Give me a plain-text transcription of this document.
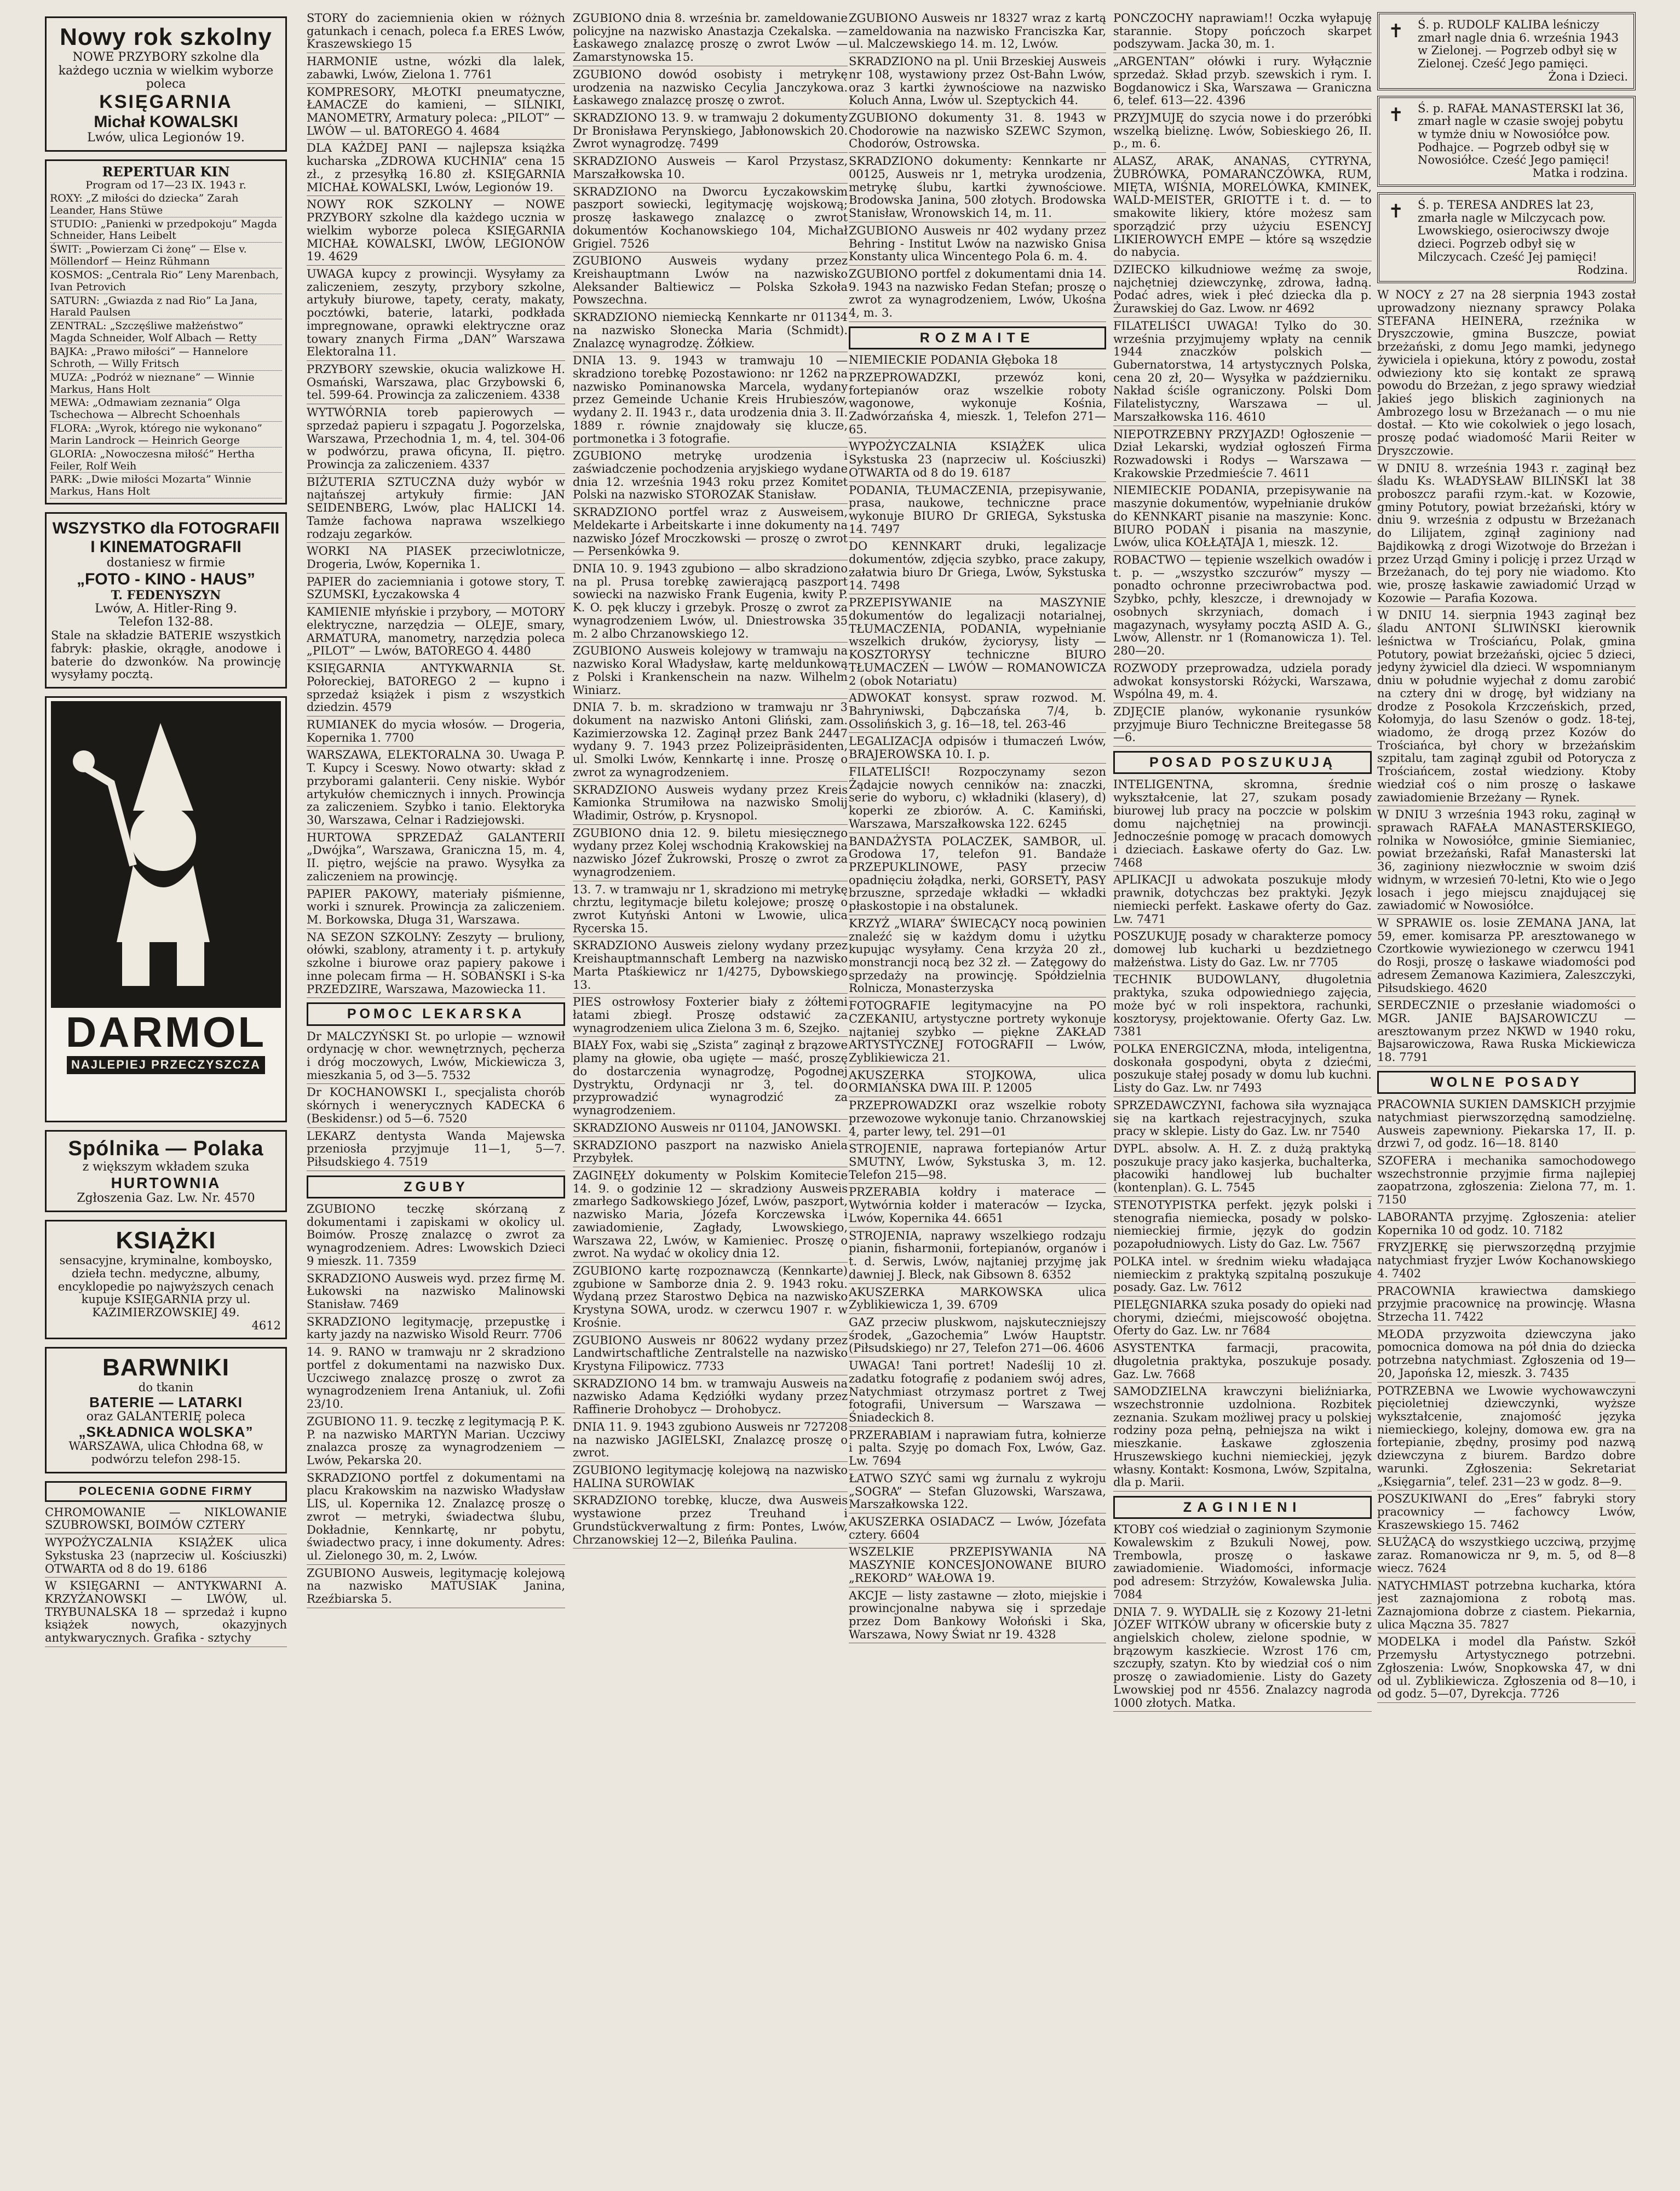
Nowy rok szkolny
NOWE PRZYBORY szkolne dla każdego ucznia w wielkim wyborze poleca
KSIĘGARNIA
Michał KOWALSKI
Lwów, ulica Legionów 19.
REPERTUAR KIN
Program od 17—23 IX. 1943 r.
ROXY: „Z miłości do dziecka” Zarah Leander, Hans Stüwe
STUDIO: „Panienki w przedpokoju” Magda Schneider, Hans Leibelt
ŚWIT: „Powierzam Ci żonę” — Else v. Möllendorf — Heinz Rühmann
KOSMOS: „Centrala Rio” Leny Marenbach, Ivan Petrovich
SATURN: „Gwiazda z nad Rio” La Jana, Harald Paulsen
ZENTRAL: „Szczęśliwe małżeństwo” Magda Schneider, Wolf Albach — Retty
BAJKA: „Prawo miłości” — Hannelore Schroth, — Willy Fritsch
MUZA: „Podróż w nieznane” — Winnie Markus, Hans Holt
MEWA: „Odmawiam zeznania” Olga Tschechowa — Albrecht Schoenhals
FLORA: „Wyrok, którego nie wykonano” Marin Landrock — Heinrich George
GLORIA: „Nowoczesna miłość” Hertha Feiler, Rolf Weih
PARK: „Dwie miłości Mozarta” Winnie Markus, Hans Holt
WSZYSTKO dla FOTOGRAFII I KINEMATOGRAFII
dostaniesz w firmie
„FOTO - KINO - HAUS”
T. FEDENYSZYN
Lwów, A. Hitler-Ring 9.
Telefon 132-88.
Stale na składzie BATERIE wszystkich fabryk: płaskie, okrągłe, anodowe i baterie do dzwonków. Na prowincję wysyłamy pocztą.
DARMOL
NAJLEPIEJ PRZECZYSZCZA
Spólnika — Polaka
z większym wkładem szuka
HURTOWNIA
Zgłoszenia Gaz. Lw. Nr. 4570
KSIĄŻKI
sensacyjne, kryminalne, komboysko, dzieła techn. medyczne, albumy, encyklopedie po najwyższych cenach kupuje KSIĘGARNIA przy ul. KAZIMIERZOWSKIEJ 49.
4612
BARWNIKI
do tkanin
BATERIE — LATARKI
oraz GALANTERIĘ poleca
„SKŁADNICA WOLSKA”
WARSZAWA, ulica Chłodna 68, w podwórzu telefon 298-15.
POLECENIA GODNE FIRMY
CHROMOWANIE — NIKLOWANIE SZUBROWSKI, BOIMÓW CZTERY
WYPOŻYCZALNIA KSIĄŻEK ulica Sykstuska 23 (naprzeciw ul. Kościuszki) OTWARTA od 8 do 19. 6186
W KSIĘGARNI — ANTYKWARNI A. KRZYŻANOWSKI — LWÓW, ul. TRYBUNALSKA 18 — sprzedaż i kupno książek nowych, okazyjnych antykwarycznych. Grafika - sztychy
STORY do zaciemnienia okien w różnych gatunkach i cenach, poleca f.a ERES Lwów, Kraszewskiego 15
HARMONIE ustne, wózki dla lalek, zabawki, Lwów, Zielona 1. 7761
KOMPRESORY, MŁOTKI pneumatyczne, ŁAMACZE do kamieni, — SILNIKI, MANOMETRY, Armatury poleca: „PILOT” — LWÓW — ul. BATOREGO 4. 4684
DLA KAŻDEJ PANI — najlepsza książka kucharska „ZDROWA KUCHNIA” cena 15 zł., z przesyłką 16.80 zł. KSIĘGARNIA MICHAŁ KOWALSKI, Lwów, Legionów 19.
NOWY ROK SZKOLNY — NOWE PRZYBORY szkolne dla każdego ucznia w wielkim wyborze poleca KSIĘGARNIA MICHAŁ KOWALSKI, LWÓW, LEGIONÓW 19. 4629
UWAGA kupcy z prowincji. Wysyłamy za zaliczeniem, zeszyty, przybory szkolne, artykuły biurowe, tapety, ceraty, makaty, pocztówki, baterie, latarki, podkłada impregnowane, oprawki elektryczne oraz towary znanych Firma „DAN” Warszawa Elektoralna 11.
PRZYBORY szewskie, okucia walizkowe H. Osmański, Warszawa, plac Grzybowski 6, tel. 599-64. Prowincja za zaliczeniem. 4338
WYTWÓRNIA toreb papierowych — sprzedaż papieru i szpagatu J. Pogorzelska, Warszawa, Przechodnia 1, m. 4, tel. 304-06 w podwórzu, prawa oficyna, II. piętro. Prowincja za zaliczeniem. 4337
BIŻUTERIA SZTUCZNA duży wybór w najtańszej artykuły firmie: JAN SEIDENBERG, Lwów, plac HALICKI 14. Tamże fachowa naprawa wszelkiego rodzaju zegarków.
WORKI NA PIASEK przeciwlotnicze, Drogeria, Lwów, Kopernika 1.
PAPIER do zaciemniania i gotowe story, T. SZUMSKI, Łyczakowska 4
KAMIENIE młyńskie i przybory, — MOTORY elektryczne, narzędzia — OLEJE, smary, ARMATURA, manometry, narzędzia poleca „PILOT” — Lwów, BATOREGO 4. 4480
KSIĘGARNIA ANTYKWARNIA St. Połoreckiej, BATOREGO 2 — kupno i sprzedaż książek i pism z wszystkich dziedzin. 4579
RUMIANEK do mycia włosów. — Drogeria, Kopernika 1. 7700
WARSZAWA, ELEKTORALNA 30. Uwaga P. T. Kupcy i Sceswy. Nowo otwarty: skład z przyborami galanterii. Ceny niskie. Wybór artykułów chemicznych i innych. Prowincja za zaliczeniem. Szybko i tanio. Elektoryka 30, Warszawa, Celnar i Radziejowski.
HURTOWA SPRZEDAŻ GALANTERII „Dwójka”, Warszawa, Graniczna 15, m. 4, II. piętro, wejście na prawo. Wysyłka za zaliczeniem na prowincję.
PAPIER PAKOWY, materiały piśmienne, worki i sznurek. Prowincja za zaliczeniem. M. Borkowska, Długa 31, Warszawa.
NA SEZON SZKOLNY: Zeszyty — bruliony, ołówki, szablony, atramenty i t. p. artykuły szkolne i biurowe oraz papiery pakowe i inne polecam firma — H. SOBAŃSKI i S-ka PRZEDZIRE, Warszawa, Mazowiecka 11.
POMOC LEKARSKA
Dr MALCZYŃSKI St. po urlopie — wznowił ordynację w chor. wewnętrznych, pęcherza i dróg moczowych, Lwów, Mickiewicza 3, mieszkania 5, od 3—5. 7532
Dr KOCHANOWSKI I., specjalista chorób skórnych i wenerycznych KADECKA 6 (Beskidensr.) od 5—6. 7520
LEKARZ dentysta Wanda Majewska przeniosła przyjmuje 11—1, 5—7. Piłsudskiego 4. 7519
ZGUBY
ZGUBIONO teczkę skórzaną z dokumentami i zapiskami w okolicy ul. Boimów. Proszę znalazcę o zwrot za wynagrodzeniem. Adres: Lwowskich Dzieci 9 mieszk. 11. 7359
SKRADZIONO Ausweis wyd. przez firmę M. Łukowski na nazwisko Malinowski Stanisław. 7469
SKRADZIONO legitymację, przepustkę i karty jazdy na nazwisko Wisold Reurr. 7706
14. 9. RANO w tramwaju nr 2 skradziono portfel z dokumentami na nazwisko Dux. Uczciwego znalazcę proszę o zwrot za wynagrodzeniem Irena Antaniuk, ul. Zofii 23/10.
ZGUBIONO 11. 9. teczkę z legitymacją P. K. P. na nazwisko MARTYN Marian. Uczciwy znalazca proszę za wynagrodzeniem — Lwów, Pekarska 20.
SKRADZIONO portfel z dokumentami na placu Krakowskim na nazwisko Władysław LIS, ul. Kopernika 12. Znalazcę proszę o zwrot — metryki, świadectwa ślubu, Dokładnie, Kennkartę, nr pobytu, świadectwo pracy, i inne dokumenty. Adres: ul. Zielonego 30, m. 2, Lwów.
ZGUBIONO Ausweis, legitymację kolejową na nazwisko MATUSIAK Janina, Rzeźbiarska 5.
ZGUBIONO dnia 8. września br. zameldowanie policyjne na nazwisko Anastazja Czekalska. — Łaskawego znalazcę proszę o zwrot Lwów — Zamarstynowska 15.
ZGUBIONO dowód osobisty i metrykę urodzenia na nazwisko Cecylia Janczykowa. Łaskawego znalazcę proszę o zwrot.
SKRADZIONO 13. 9. w tramwaju 2 dokumenty Dr Bronisława Perynskiego, Jabłonowskich 20. Zwrot wynagrodzę. 7499
SKRADZIONO Ausweis — Karol Przystasz, Marszałkowska 10.
SKRADZIONO na Dworcu Łyczakowskim paszport sowiecki, legitymację wojskową; proszę łaskawego znalazcę o zwrot dokumentów Kochanowskiego 104, Michał Grigiel. 7526
ZGUBIONO Ausweis wydany przez Kreishauptmann Lwów na nazwisko Aleksander Baltiewicz — Polska Szkoła Powszechna.
SKRADZIONO niemiecką Kennkarte nr 01134 na nazwisko Słonecka Maria (Schmidt). Znalazcę wynagrodzę. Żółkiew.
DNIA 13. 9. 1943 w tramwaju 10 — skradziono torebkę Pozostawiono: nr 1262 na nazwisko Pominanowska Marcela, wydany przez Gemeinde Uchanie Kreis Hrubieszów, wydany 2. II. 1943 r., data urodzenia dnia 3. II. 1889 r. równie znajdowały się klucze, portmonetka i 3 fotografie.
ZGUBIONO metrykę urodzenia i zaświadczenie pochodzenia aryjskiego wydane dnia 12. września 1943 roku przez Komitet Polski na nazwisko STOROZAK Stanisław.
SKRADZIONO portfel wraz z Ausweisem, Meldekarte i Arbeitskarte i inne dokumenty na nazwisko Józef Mroczkowski — proszę o zwrot — Persenkówka 9.
DNIA 10. 9. 1943 zgubiono — albo skradziono na pl. Prusa torebkę zawierającą paszport sowiecki na nazwisko Frank Eugenia, kwity P. K. O. pęk kluczy i grzebyk. Proszę o zwrot za wynagrodzeniem Lwów, ul. Dniestrowska 35 m. 2 albo Chrzanowskiego 12.
ZGUBIONO Ausweis kolejowy w tramwaju na nazwisko Koral Władysław, kartę meldunkową z Polski i Krankenschein na nazw. Wilhelm Winiarz.
DNIA 7. b. m. skradziono w tramwaju nr 3 dokument na nazwisko Antoni Gliński, zam. Kazimierzowska 12. Zaginął przez Bank 2447 wydany 9. 7. 1943 przez Polizeipräsidenten, ul. Smolki Lwów, Kennkartę i inne. Proszę o zwrot za wynagrodzeniem.
SKRADZIONO Ausweis wydany przez Kreis Kamionka Strumiłowa na nazwisko Smolij Władimir, Ostrów, p. Krysnopol.
ZGUBIONO dnia 12. 9. biletu miesięcznego wydany przez Kolej wschodnią Krakowskiej na nazwisko Józef Żukrowski, Proszę o zwrot za wynagrodzeniem.
13. 7. w tramwaju nr 1, skradziono mi metrykę chrztu, legitymacje biletu kolejowe; proszę o zwrot Kutyński Antoni w Lwowie, ulica Rycerska 15.
SKRADZIONO Ausweis zielony wydany przez Kreishauptmannschaft Lemberg na nazwisko Marta Ptaśkiewicz nr 1/4275, Dybowskiego 13.
PIES ostrowłosy Foxterier biały z żółtemi łatami zbiegł. Proszę odstawić za wynagrodzeniem ulica Zielona 3 m. 6, Szejko.
BIAŁY Fox, wabi się „Szista” zaginął z brązowe plamy na głowie, oba ugięte — maść, proszę do dostarczenia wynagrodzę, Pogodnej Dystryktu, Ordynacji nr 3, tel. do przyprowadzić wynagrodzić za wynagrodzeniem.
SKRADZIONO Ausweis nr 01104, JANOWSKI.
SKRADZIONO paszport na nazwisko Aniela Przybyłek.
ZAGINĘŁY dokumenty w Polskim Komitecie 14. 9. o godzinie 12 — skradziony Ausweis zmarłego Sadkowskiego Józef, Lwów, paszport, nazwisko Maria, Józefa Korczewska i zawiadomienie, Zagłady, Lwowskiego, Warszawa 22, Lwów, w Kamieniec. Proszę o zwrot. Na wydać w okolicy dnia 12.
ZGUBIONO kartę rozpoznawczą (Kennkarte) zgubione w Samborze dnia 2. 9. 1943 roku. Wydaną przez Starostwo Dębica na nazwisko Krystyna SOWA, urodz. w czerwcu 1907 r. w Krośnie.
ZGUBIONO Ausweis nr 80622 wydany przez Landwirtschaftliche Zentralstelle na nazwisko Krystyna Filipowicz. 7733
SKRADZIONO 14 bm. w tramwaju Ausweis na nazwisko Adama Kędziółki wydany przez Raffinerie Drohobycz — Drohobycz.
DNIA 11. 9. 1943 zgubiono Ausweis nr 727208 na nazwisko JAGIELSKI, Znalazcę proszę o zwrot.
ZGUBIONO legitymację kolejową na nazwisko HALINA SUROWIAK
SKRADZIONO torebkę, klucze, dwa Ausweis wystawione przez Treuhand i Grundstückverwaltung z firm: Pontes, Lwów, Chrzanowskiej 12—2, Bileńka Paulina.
ZGUBIONO Ausweis nr 18327 wraz z kartą zameldowania na nazwisko Franciszka Kar, ul. Malczewskiego 14. m. 12, Lwów.
SKRADZIONO na pl. Unii Brzeskiej Ausweis nr 108, wystawiony przez Ost-Bahn Lwów, oraz 3 kartki żywnościowe na nazwisko Koluch Anna, Lwów ul. Szeptyckich 44.
ZGUBIONO dokumenty 31. 8. 1943 w Chodorowie na nazwisko SZEWC Szymon, Chodorów, Ostrowska.
SKRADZIONO dokumenty: Kennkarte nr 00125, Ausweis nr 1, metryka urodzenia, metrykę ślubu, kartki żywnościowe. Brodowska Janina, 500 złotych. Brodowska Stanisław, Wronowskich 14, m. 11.
ZGUBIONO Ausweis nr 402 wydany przez Behring - Institut Lwów na nazwisko Gnisa Konstanty ulica Wincentego Pola 6. m. 4.
ZGUBIONO portfel z dokumentami dnia 14. 9. 1943 na nazwisko Fedan Stefan; proszę o zwrot za wynagrodzeniem, Lwów, Ukośna 4, m. 3.
ROZMAITE
NIEMIECKIE PODANIA Głęboka 18
PRZEPROWADZKI, przewóz koni, fortepianów oraz wszelkie roboty wagonowe, wykonuje Kośnia, Zadwórzańska 4, mieszk. 1, Telefon 271—65.
WYPOŻYCZALNIA KSIĄŻEK ulica Sykstuska 23 (naprzeciw ul. Kościuszki) OTWARTA od 8 do 19. 6187
PODANIA, TŁUMACZENIA, przepisywanie, prasa, naukowe, techniczne prace wykonuje BIURO Dr GRIEGA, Sykstuska 14. 7497
DO KENNKART druki, legalizacje dokumentów, zdjęcia szybko, prace zakupy, załatwia biuro Dr Griega, Lwów, Sykstuska 14. 7498
PRZEPISYWANIE na MASZYNIE dokumentów do legalizacji notarialnej, TŁUMACZENIA, PODANIA, wypełnianie wszelkich druków, życiorysy, listy — KOSZTORYSY techniczne BIURO TŁUMACZEŃ — LWÓW — ROMANOWICZA 2 (obok Notariatu)
ADWOKAT konsyst. spraw rozwod. M. Bahryniwski, Dąbczańska 7/4, b. Ossolińskich 3, g. 16—18, tel. 263-46
LEGALIZACJA odpisów i tłumaczeń Lwów, BRAJEROWSKA 10. I. p.
FILATELIŚCI! Rozpoczynamy sezon Żądajcie nowych cenników na: znaczki, serie do wyboru, c) wkładniki (klasery), d) koperki ze zbiorów. A. C. Kamiński, Warszawa, Marszałkowska 122. 6245
BANDAŻYSTA POLACZEK, SAMBOR, ul. Grodowa 17, telefon 91. Bandaże PRZEPUKLINOWE, PASY przeciw opadnięciu żołądka, nerki, GORSETY, PASY brzuszne, sprzedaje wkładki — wkładki płaskostopie i na obstalunek.
KRZYŻ „WIARA” ŚWIECĄCY nocą powinien znaleźć się w każdym domu i użytku kupując wysyłamy. Cena krzyża 20 zł., monstrancji nocą bez 32 zł. — Zatęgowy do sprzedaży na prowincję. Spółdzielnia Rolnicza, Monasterzyska
FOTOGRAFIE legitymacyjne na PO CZEKANIU, artystyczne portrety wykonuje najtaniej szybko — piękne ZAKŁAD ARTYSTYCZNEJ FOTOGRAFII — Lwów, Zyblikiewicza 21.
AKUSZERKA STOJKOWA, ulica ORMIAŃSKA DWA III. P. 12005
PRZEPROWADZKI oraz wszelkie roboty przewozowe wykonuje tanio. Chrzanowskiej 4, parter lewy, tel. 291—01
STROJENIE, naprawa fortepianów Artur SMUTNY, Lwów, Sykstuska 3, m. 12. Telefon 215—98.
PRZERABIA kołdry i materace — Wytwórnia kołder i materaców — Izycka, Lwów, Kopernika 44. 6651
STROJENIA, naprawy wszelkiego rodzaju pianin, fisharmonii, fortepianów, organów i t. d. Serwis, Lwów, najtaniej przyjmę jak dawniej J. Bleck, nak Gibsown 8. 6352
AKUSZERKA MARKOWSKA ulica Zyblikiewicza 1, 39. 6709
GAZ przeciw pluskwom, najskuteczniejszy środek, „Gazochemia” Lwów Hauptstr. (Piłsudskiego) nr 27, Telefon 271—06. 4606
UWAGA! Tani portret! Nadeślij 10 zł. zadatku fotografię z podaniem swój adres, Natychmiast otrzymasz portret z Twej fotografii, Universum — Warszawa — Śniadeckich 8.
PRZERABIAM i naprawiam futra, kołnierze i palta. Szyję po domach Fox, Lwów, Gaz. Lw. 7694
ŁATWO SZYĆ sami wg żurnalu z wykroju „SOGRA” — Stefan Gluzowski, Warszawa, Marszałkowska 122.
AKUSZERKA OSIADACZ — Lwów, Józefata cztery. 6604
WSZELKIE PRZEPISYWANIA NA MASZYNIE KONCESJONOWANE BIURO „REKORD” WAŁOWA 19.
AKCJE — listy zastawne — złoto, miejskie i prowincjonalne nabywa się i sprzedaje przez Dom Bankowy Wołoński i Ska, Warszawa, Nowy Świat nr 19. 4328
POŃCZOCHY naprawiam!! Oczka wyłapuję starannie. Stopy pończoch skarpet podszywam. Jacka 30, m. 1.
„ARGENTAN” ołówki i rury. Wyłącznie sprzedaż. Skład przyb. szewskich i rym. I. Bogdanowicz i Ska, Warszawa — Graniczna 6, telef. 613—22. 4396
PRZYJMUJĘ do szycia nowe i do przeróbki wszelką bieliznę. Lwów, Sobieskiego 26, II. p., m. 6.
ALASZ, ARAK, ANANAS, CYTRYNA, ŻUBRÓWKA, POMARAŃCZÓWKA, RUM, MIĘTA, WIŚNIA, MORELÓWKA, KMINEK, WALD-MEISTER, GRIOTTE i t. d. — to smakowite likiery, które możesz sam sporządzić przy użyciu ESENCYJ LIKIEROWYCH EMPE — które są wszędzie do nabycia.
DZIECKO kilkudniowe weźmę za swoje, najchętniej dziewczynkę, zdrowa, ładną. Podać adres, wiek i płeć dziecka dla p. Żurawskiej do Gaz. Lwow. nr 4692
FILATELIŚCI UWAGA! Tylko do 30. września przyjmujemy wpłaty na cennik 1944 znaczków polskich — Gubernatorstwa, 14 artystycznych Polska, cena 20 zł, 20— Wysyłka w październiku. Nakład ściśle ograniczony. Polski Dom Filatelistyczny, Warszawa — ul. Marszałkowska 116. 4610
NIEPOTRZEBNY PRZYJAZD! Ogłoszenie — Dział Lekarski, wydział ogłoszeń Firma Rozwadowski i Rodys — Warszawa — Krakowskie Przedmieście 7. 4611
NIEMIECKIE PODANIA, przepisywanie na maszynie dokumentów, wypełnianie druków do KENNKART pisanie na maszynie: Konc. BIURO PODAŃ i pisania na maszynie, Lwów, ulica KOŁŁĄTAJA 1, mieszk. 12.
ROBACTWO — tępienie wszelkich owadów i t. p. — „wszystko szczurów” myszy — ponadto ochronne przeciwrobactwa pod. Szybko, pchły, kleszcze, i drewnojady w osobnych skrzyniach, domach i magazynach, wysyłamy pocztą ASID A. G., Lwów, Allenstr. nr 1 (Romanowicza 1). Tel. 280—20.
ROZWODY przeprowadza, udziela porady adwokat konsystorski Różycki, Warszawa, Wspólna 49, m. 4.
ZDJĘCIE planów, wykonanie rysunków przyjmuje Biuro Techniczne Breitegasse 58—6.
POSAD POSZUKUJĄ
INTELIGENTNA, skromna, średnie wykształcenie, lat 27, szukam posady biurowej lub pracy na poczcie w polskim domu najchętniej na prowincji. Jednocześnie pomogę w pracach domowych i dzieciach. Łaskawe oferty do Gaz. Lw. 7468
APLIKACJI u adwokata poszukuje młody prawnik, dotychczas bez praktyki. Język niemiecki perfekt. Łaskawe oferty do Gaz. Lw. 7471
POSZUKUJĘ posady w charakterze pomocy domowej lub kucharki u bezdzietnego małżeństwa. Listy do Gaz. Lw. nr 7705
TECHNIK BUDOWLANY, długoletnia praktyka, szuka odpowiedniego zajęcia, może być w roli inspektora, rachunki, kosztorysy, projektowanie. Oferty Gaz. Lw. 7381
POLKA ENERGICZNA, młoda, inteligentna, doskonała gospodyni, obyta z dziećmi, poszukuje stałej posady w domu lub kuchni. Listy do Gaz. Lw. nr 7493
SPRZEDAWCZYNI, fachowa siła wyznająca się na kartkach rejestracyjnych, szuka pracy w sklepie. Listy do Gaz. Lw. nr 7540
DYPL. absolw. A. H. Z. z dużą praktyką poszukuje pracy jako kasjerka, buchalterka, płacowiki handlowej lub buchalter (kontenplan). G. L. 7545
STENOTYPISTKA perfekt. język polski i stenografia niemiecka, posady w polsko-niemieckiej firmie, język do godzin pozapołudniowych. Listy do Gaz. Lw. 7567
POLKA intel. w średnim wieku władająca niemieckim z praktyką szpitalną poszukuje posady. Gaz. Lw. 7612
PIELĘGNIARKA szuka posady do opieki nad chorymi, dziećmi, miejscowość obojętna. Oferty do Gaz. Lw. nr 7684
ASYSTENTKA farmacji, pracowita, długoletnia praktyka, poszukuje posady. Gaz. Lw. 7668
SAMODZIELNA krawczyni bieliźniarka, wszechstronnie uzdolniona. Rozbitek zeznania. Szukam możliwej pracy u polskiej rodziny poza pełną, pełniejsza na wikt i mieszkanie. Łaskawe zgłoszenia Hruszewskiego kuchni niemieckiej, język własny. Kontakt: Kosmona, Lwów, Szpitalna, dla p. Marii.
ZAGINIENI
KTOBY coś wiedział o zaginionym Szymonie Kowalewskim z Bzukuli Nowej, pow. Trembowla, proszę o łaskawe zawiadomienie. Wiadomości, informacje pod adresem: Strzyżów, Kowalewska Julia. 7084
DNIA 7. 9. WYDALIŁ się z Kozowy 21-letni JÓZEF WITKÓW ubrany w oficerskie buty z angielskich cholew, zielone spodnie, w brązowym kaszkiecie. Wzrost 176 cm, szczupły, szatyn. Kto by wiedział coś o nim proszę o zawiadomienie. Listy do Gazety Lwowskiej pod nr 4556. Znalazcy nagroda 1000 złotych. Matka.
✝ Ś. p. RUDOLF KALIBA leśniczy zmarł nagle dnia 6. września 1943 w Zielonej. — Pogrzeb odbył się w Zielonej. Cześć Jego pamięci.
Żona i Dzieci.
✝ Ś. p. RAFAŁ MANASTERSKI lat 36, zmarł nagle w czasie swojej pobytu w tymże dniu w Nowosiółce pow. Podhajce. — Pogrzeb odbył się w Nowosiółce. Cześć Jego pamięci!
Matka i rodzina.
✝ Ś. p. TERESA ANDRES lat 23, zmarła nagle w Milczycach pow. Lwowskiego, osierociwszy dwoje dzieci. Pogrzeb odbył się w Milczycach. Cześć Jej pamięci!
Rodzina.
W NOCY z 27 na 28 sierpnia 1943 został uprowadzony nieznany sprawcy Polaka STEFANA HEINERA, rzeźnika w Dryszczowie, gmina Buszcze, powiat brzeżański, z domu Jego mamki, jedynego żywiciela i opiekuna, który z powodu, został odwieziony kto się kontakt ze sprawą powodu do Brzeżan, z jego sprawy wiedział Jakieś jego bliskich zaginionych na Ambrozego losu w Brzeżanach — o mu nie dostał. — Kto wie cokolwiek o jego losach, proszę podać wiadomość Marii Reiter w Dryszczowie.
W DNIU 8. września 1943 r. zaginął bez śladu Ks. WŁADYSŁAW BILIŃSKI lat 38 proboszcz parafii rzym.-kat. w Kozowie, gminy Potutory, powiat brzeżański, który w dniu 9. września z odpustu w Brzeżanach do Lilijatem, zginął zaginiony nad Bajdikowką z drogi Wizotwoje do Brzeżan i przez Urząd Gminy i policję i przez Urząd w Brzeżanach, do tej pory nie wiadomo. Kto wie, proszę łaskawie zawiadomić Urząd w Kozowie — Parafia Kozowa.
W DNIU 14. sierpnia 1943 zaginął bez śladu ANTONI ŚLIWIŃSKI kierownik leśnictwa w Trościańcu, Polak, gmina Potutory, powiat brzeżański, ojciec 5 dzieci, jedyny żywiciel dla dzieci. W wspomnianym dniu w południe wyjechał z domu zarobić na cztery dni w drogę, był widziany na drodze z Posokola Krzczeńskich, przed, Kołomyja, do lasu Szenów o godz. 18-tej, wiadomo, że drogą przez Kozów do Trościańca, był chory w brzeżańskim szpitalu, tam zaginął zgubił od Potorycza z Trościańcem, został wiedziony. Ktoby wiedział coś o nim proszę o łaskawe zawiadomienie Brzeżany — Rynek.
W DNIU 3 września 1943 roku, zaginął w sprawach RAFAŁA MANASTERSKIEGO, rolnika w Nowosiółce, gminie Siemianiec, powiat brzeżański, Rafał Manasterski lat 36, zaginiony niezwłocznie w swoim dziś widnym, w wrzesień 70-letni, Kto wie o Jego losach i jego miejscu znajdującej się zawiadomić w Nowosiółce.
W SPRAWIE os. losie ZEMANA JANA, lat 59, emer. komisarza PP. aresztowanego w Czortkowie wywiezionego w czerwcu 1941 do Rosji, proszę o łaskawe wiadomości pod adresem Zemanowa Kazimiera, Zaleszczyki, Piłsudskiego. 4620
SERDECZNIE o przesłanie wiadomości o MGR. JANIE BAJSAROWICZU — aresztowanym przez NKWD w 1940 roku, Bajsarowiczowa, Rawa Ruska Mickiewicza 18. 7791
WOLNE POSADY
PRACOWNIA SUKIEN DAMSKICH przyjmie natychmiast pierwszorzędną samodzielnę. Ausweis zapewniony. Piekarska 17, II. p. drzwi 7, od godz. 16—18. 8140
SZOFERA i mechanika samochodowego wszechstronnie przyjmie firma najlepiej zaopatrzona, zgłoszenia: Zielona 77, m. 1. 7150
LABORANTA przyjmę. Zgłoszenia: atelier Kopernika 10 od godz. 10. 7182
FRYZJERKĘ się pierwszorzędną przyjmie natychmiast fryzjer Lwów Kochanowskiego 4. 7402
PRACOWNIA krawiectwa damskiego przyjmie pracownicę na prowincję. Własna Strzecha 11. 7422
MŁODA przyzwoita dziewczyna jako pomocnica domowa na pół dnia do dziecka potrzebna natychmiast. Zgłoszenia od 19—20, Japońska 12, mieszk. 3. 7435
POTRZEBNA we Lwowie wychowawczyni pięcioletniej dziewczynki, wyższe wykształcenie, znajomość języka niemieckiego, kolejny, domowa ew. gra na fortepianie, zbędny, prosimy pod nazwą dziewczyna z biurem. Bardzo dobre warunki. Zgłoszenia: Sekretariat „Księgarnia”, telef. 231—23 w godz. 8—9.
POSZUKIWANI do „Eres” fabryki story pracownicy — fachowcy Lwów, Kraszewskiego 15. 7462
SŁUŻĄCĄ do wszystkiego uczciwą, przyjmę zaraz. Romanowicza nr 9, m. 5, od 8—8 wiecz. 7624
NATYCHMIAST potrzebna kucharka, która jest zaznajomiona z robotą mas. Zaznajomiona dobrze z ciastem. Piekarnia, ulica Mączna 35. 7827
MODELKA i model dla Państw. Szkół Przemysłu Artystycznego potrzebni. Zgłoszenia: Lwów, Snopkowska 47, w dni od ul. Zyblikiewicza. Zgłoszenia od 8—10, i od godz. 5—07, Dyrekcja. 7726
